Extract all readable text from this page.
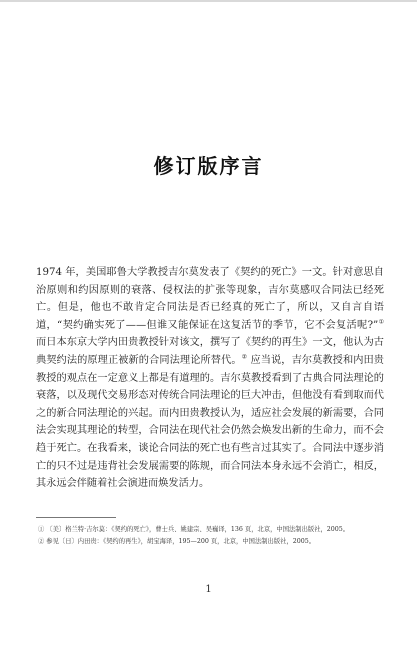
修订版序言

1974 年，美国耶鲁大学教授吉尔莫发表了《契约的死亡》一文。针对意思自治原则和约因原则的衰落、侵权法的扩张等现象，吉尔莫感叹合同法已经死亡。但是，他也不敢肯定合同法是否已经真的死亡了，所以，又自言自语道，“契约确实死了——但谁又能保证在这复活节的季节，它不会复活呢?”① 而日本东京大学内田贵教授针对该文，撰写了《契约的再生》一文，他认为古典契约法的原理正被新的合同法理论所替代。② 应当说，吉尔莫教授和内田贵教授的观点在一定意义上都是有道理的。吉尔莫教授看到了古典合同法理论的衰落，以及现代交易形态对传统合同法理论的巨大冲击，但他没有看到取而代之的新合同法理论的兴起。而内田贵教授认为，适应社会发展的新需要，合同法会实现其理论的转型，合同法在现代社会仍然会焕发出新的生命力，而不会趋于死亡。在我看来，谈论合同法的死亡也有些言过其实了。合同法中逐步消亡的只不过是违背社会发展需要的陈规，而合同法本身永远不会消亡，相反，其永远会伴随着社会演进而焕发活力。

① 〔美〕格兰特·吉尔莫：《契约的死亡》，曹士兵、姚建宗、吴巍译，136 页，北京，中国法制出版社，2005。

② 参见〔日〕内田贵：《契约的再生》，胡宝海译，195—200 页，北京，中国法制出版社，2005。

1
